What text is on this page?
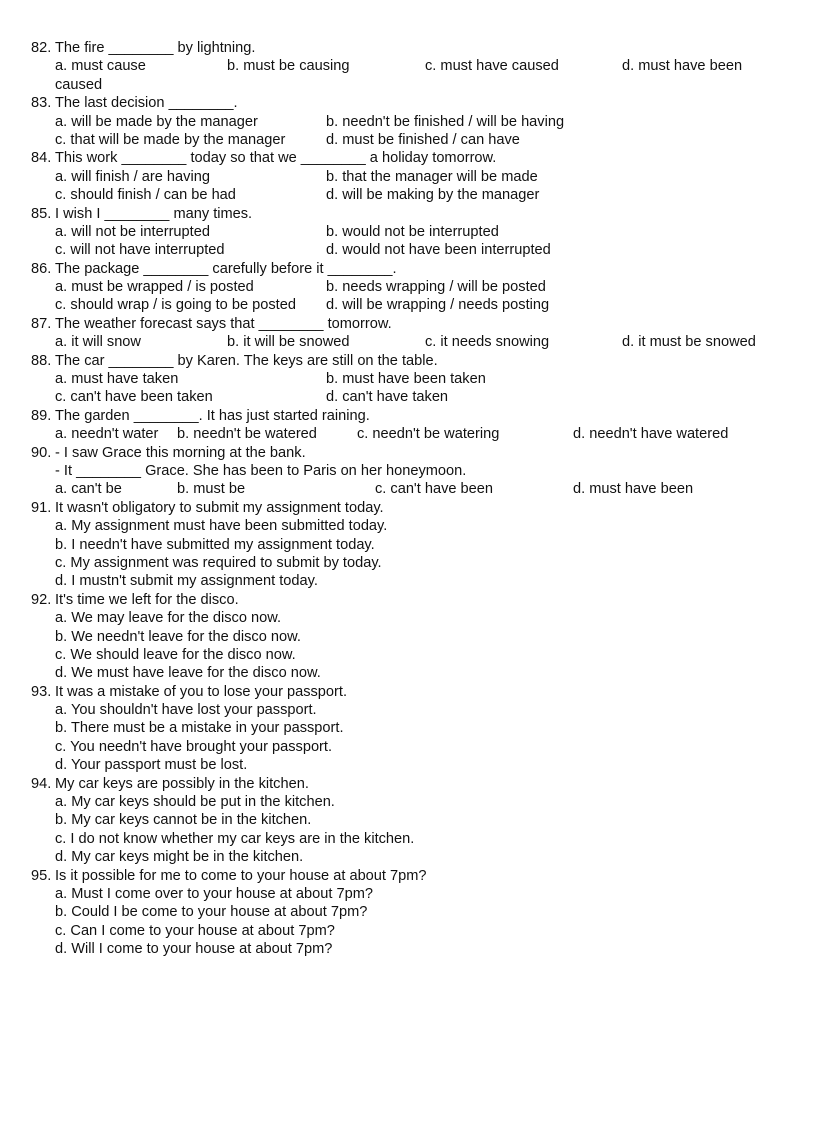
82. The fire ________ by lightning.
a. must cause	b. must be causing	c. must have caused	d. must have been
caused
83. The last decision ________.
a. will be made by the manager	b. needn't be finished / will be having
c. that will be made by the manager	d. must be finished / can have
84. This work ________ today so that we ________ a holiday tomorrow.
a. will finish / are having	b. that the manager will be made
c. should finish / can be had	d. will be making by the manager
85. I wish I ________ many times.
a. will not be interrupted	b. would not be interrupted
c. will not have interrupted	d. would not have been interrupted
86. The package ________ carefully before it ________.
a. must be wrapped / is posted	b. needs wrapping / will be posted
c. should wrap / is going to be posted d. will be wrapping / needs posting
87. The weather forecast says that ________ tomorrow.
a. it will snow	b. it will be snowed	c. it needs snowing	d. it must be snowed
88. The car ________ by Karen. The keys are still on the table.
a. must have taken	b. must have been taken
c. can't have been taken	d. can't have taken
89. The garden ________. It has just started raining.
a. needn't water b. needn't be watered	c. needn't be watering	d. needn't have watered
90. - I saw Grace this morning at the bank.
- It ________ Grace. She has been to Paris on her honeymoon.
a. can't be	b. must be	c. can't have been	d. must have been
91. It wasn't obligatory to submit my assignment today.
a. My assignment must have been submitted today.
b. I needn't have submitted my assignment today.
c. My assignment was required to submit by today.
d. I mustn't submit my assignment today.
92. It's time we left for the disco.
a. We may leave for the disco now.
b. We needn't leave for the disco now.
c. We should leave for the disco now.
d. We must have leave for the disco now.
93. It was a mistake of you to lose your passport.
a. You shouldn't have lost your passport.
b. There must be a mistake in your passport.
c. You needn't have brought your passport.
d. Your passport must be lost.
94. My car keys are possibly in the kitchen.
a. My car keys should be put in the kitchen.
b. My car keys cannot be in the kitchen.
c. I do not know whether my car keys are in the kitchen.
d. My car keys might be in the kitchen.
95. Is it possible for me to come to your house at about 7pm?
a. Must I come over to your house at about 7pm?
b. Could I be come to your house at about 7pm?
c. Can I come to your house at about 7pm?
d. Will I come to your house at about 7pm?
